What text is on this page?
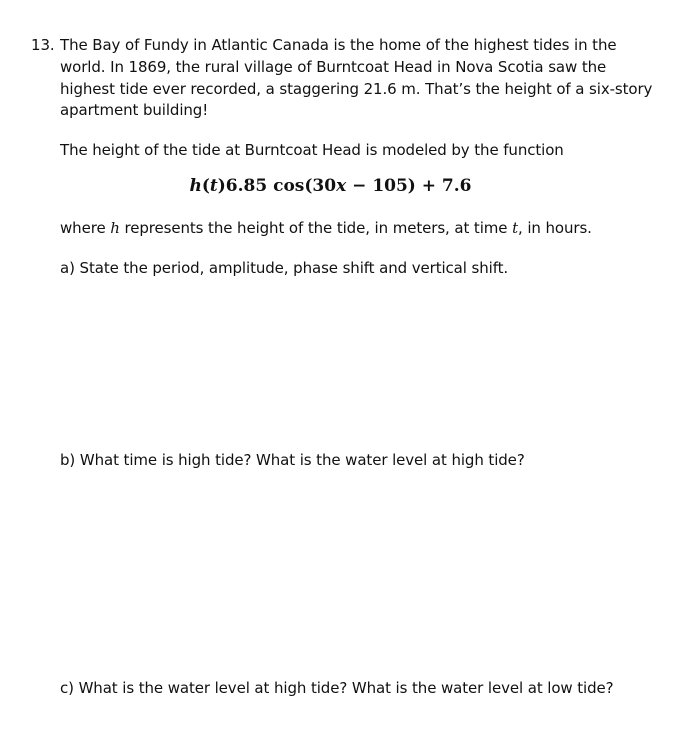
13. The Bay of Fundy in Atlantic Canada is the home of the highest tides in the
world. In 1869, the rural village of Burntcoat Head in Nova Scotia saw the
highest tide ever recorded, a staggering 21.6 m. That’s the height of a six-story
apartment building!
The height of the tide at Burntcoat Head is modeled by the function
h(t)6.85 cos(30x − 105) + 7.6
where h represents the height of the tide, in meters, at time t, in hours.
a) State the period, amplitude, phase shift and vertical shift.
b) What time is high tide? What is the water level at high tide?
c) What is the water level at high tide? What is the water level at low tide?
